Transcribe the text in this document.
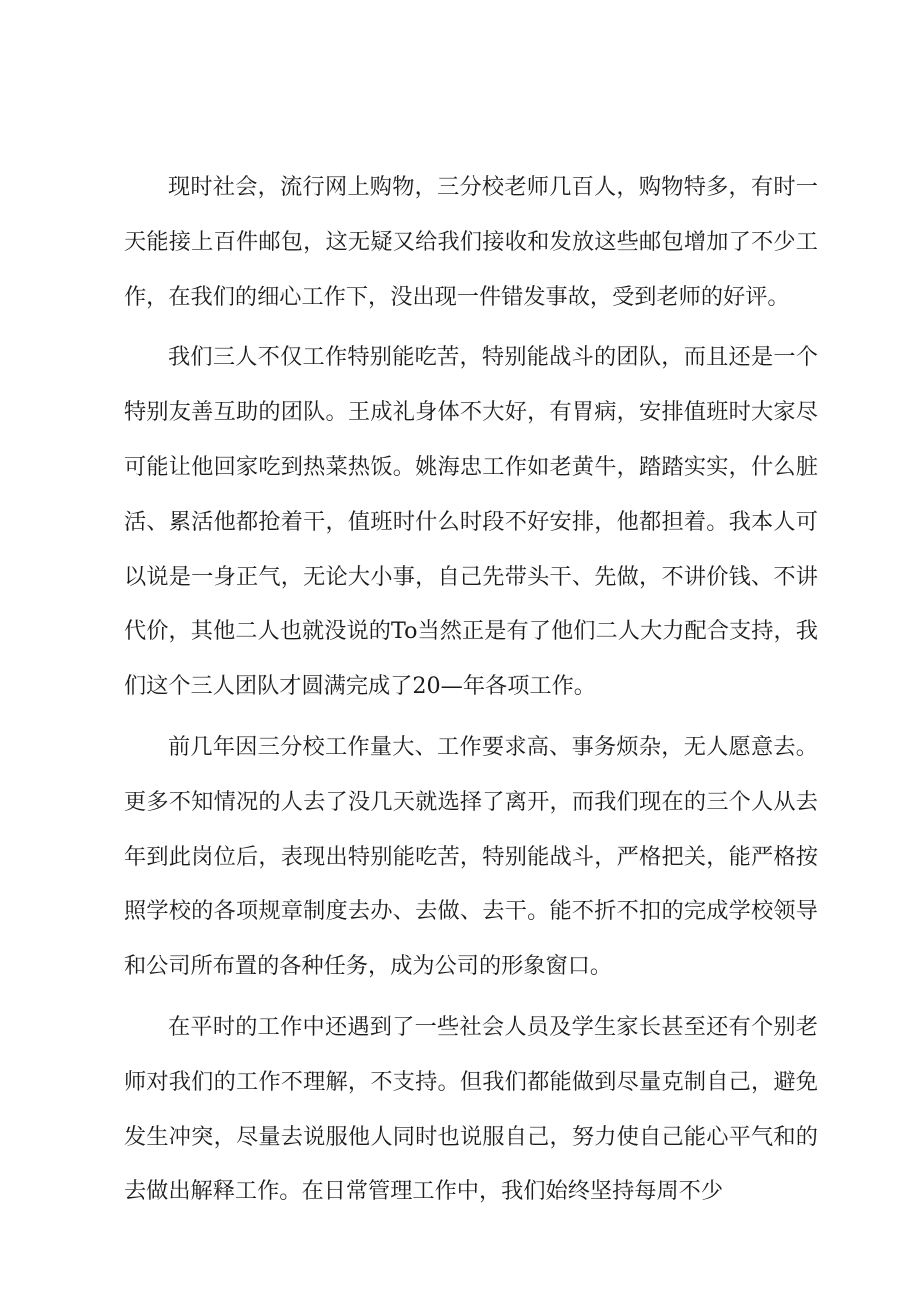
现时社会，流行网上购物，三分校老师几百人，购物特多，有时一天能接上百件邮包，这无疑又给我们接收和发放这些邮包增加了不少工作，在我们的细心工作下，没出现一件错发事故，受到老师的好评。

我们三人不仅工作特别能吃苦，特别能战斗的团队，而且还是一个特别友善互助的团队。王成礼身体不大好，有胃病，安排值班时大家尽可能让他回家吃到热菜热饭。姚海忠工作如老黄牛，踏踏实实，什么脏活、累活他都抢着干，值班时什么时段不好安排，他都担着。我本人可以说是一身正气，无论大小事，自己先带头干、先做，不讲价钱、不讲代价，其他二人也就没说的To当然正是有了他们二人大力配合支持，我们这个三人团队才圆满完成了20—年各项工作。

前几年因三分校工作量大、工作要求高、事务烦杂，无人愿意去。更多不知情况的人去了没几天就选择了离开，而我们现在的三个人从去年到此岗位后，表现出特别能吃苦，特别能战斗，严格把关，能严格按照学校的各项规章制度去办、去做、去干。能不折不扣的完成学校领导和公司所布置的各种任务，成为公司的形象窗口。

在平时的工作中还遇到了一些社会人员及学生家长甚至还有个别老师对我们的工作不理解，不支持。但我们都能做到尽量克制自己，避免发生冲突，尽量去说服他人同时也说服自己，努力使自己能心平气和的去做出解释工作。在日常管理工作中，我们始终坚持每周不少
